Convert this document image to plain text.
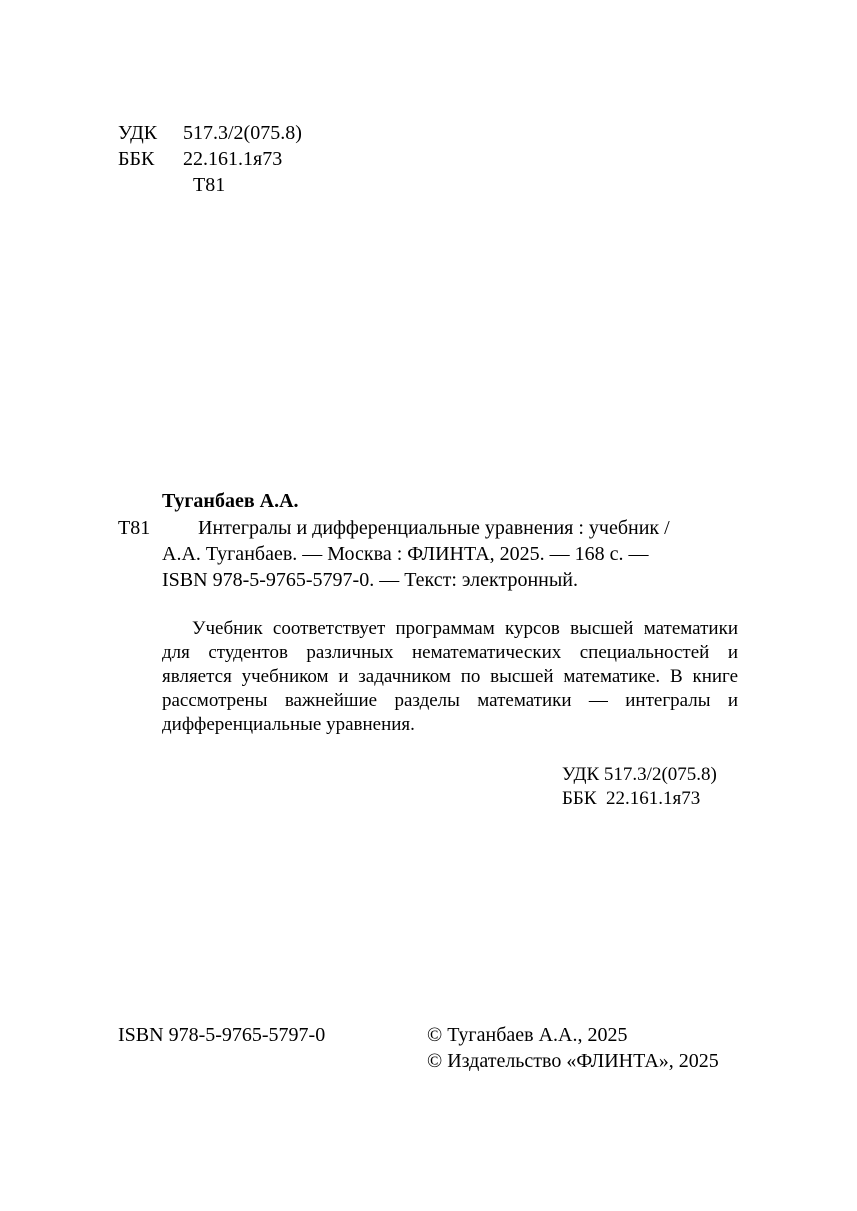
УДК 517.3/2(075.8)
ББК 22.161.1я73
Т81
Туганбаев А.А.
Т81 Интегралы и дифференциальные уравнения : учебник /
А.А. Туганбаев. — Москва : ФЛИНТА, 2025. — 168 с. —
ISBN 978-5-9765-5797-0. — Текст: электронный.

Учебник соответствует программам курсов высшей математики для студентов различных нематематических специальностей и является учебником и задачником по высшей математике. В книге рассмотрены важнейшие разделы математики — интегралы и дифференциальные уравнения.

УДК 517.3/2(075.8)
ББК  22.161.1я73
ISBN 978-5-9765-5797-0	© Туганбаев А.А., 2025
© Издательство «ФЛИНТА», 2025
